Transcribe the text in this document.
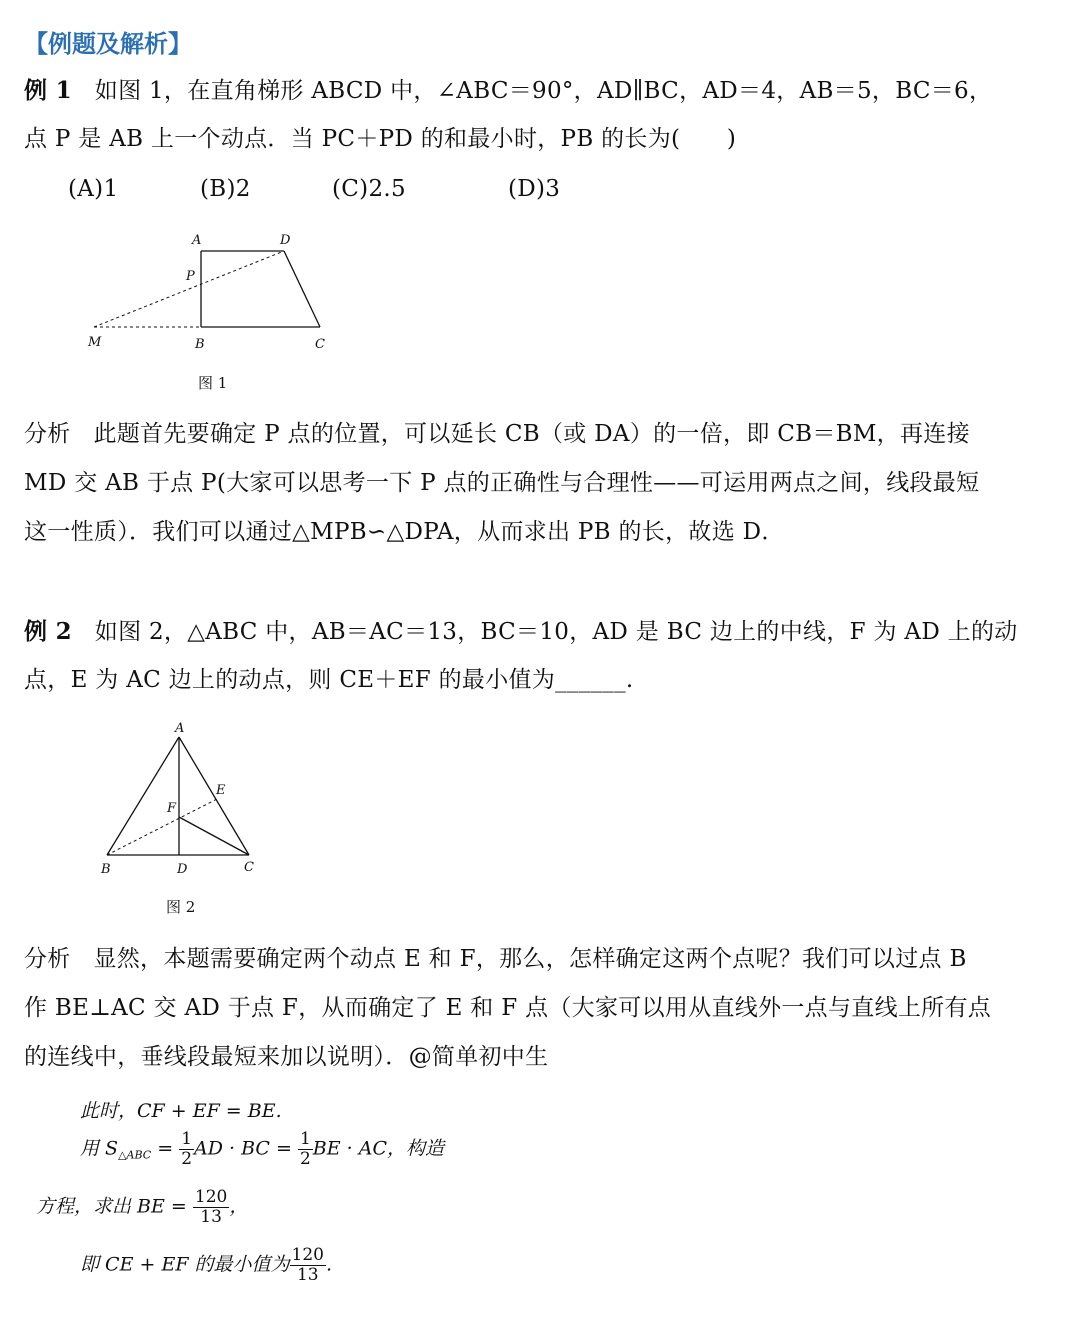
【例题及解析】
例 1 如图 1，在直角梯形 ABCD 中，∠ABC＝90°，AD∥BC，AD＝4，AB＝5，BC＝6，
点 P 是 AB 上一个动点．当 PC＋PD 的和最小时，PB 的长为(　　)
(A)1	(B)2	(C)2.5	(D)3
A	D
P
M	B	C
图 1
分析 此题首先要确定 P 点的位置，可以延长 CB（或 DA）的一倍，即 CB＝BM，再连接
MD 交 AB 于点 P(大家可以思考一下 P 点的正确性与合理性——可运用两点之间，线段最短
这一性质）．我们可以通过△MPB∽△DPA，从而求出 PB 的长，故选 D．
例 2 如图 2，△ABC 中，AB＝AC＝13，BC＝10，AD 是 BC 边上的中线，F 为 AD 上的动
点，E 为 AC 边上的动点，则 CE＋EF 的最小值为______.
A
E
F
B	D	C
图 2
分析 显然，本题需要确定两个动点 E 和 F，那么，怎样确定这两个点呢？我们可以过点 B
作 BE⊥AC 交 AD 于点 F，从而确定了 E 和 F 点（大家可以用从直线外一点与直线上所有点
的连线中，垂线段最短来加以说明）．@简单初中生
此时，CF + EF = BE.
用 $S_{\triangle ABC} = \frac{1}{2}$ AD · BC = $\frac{1}{2}$ BE · AC，构造
方程，求出 BE = $\frac{120}{13}$ ，
即 CE + EF 的最小值为 $\frac{120}{13}$ .
